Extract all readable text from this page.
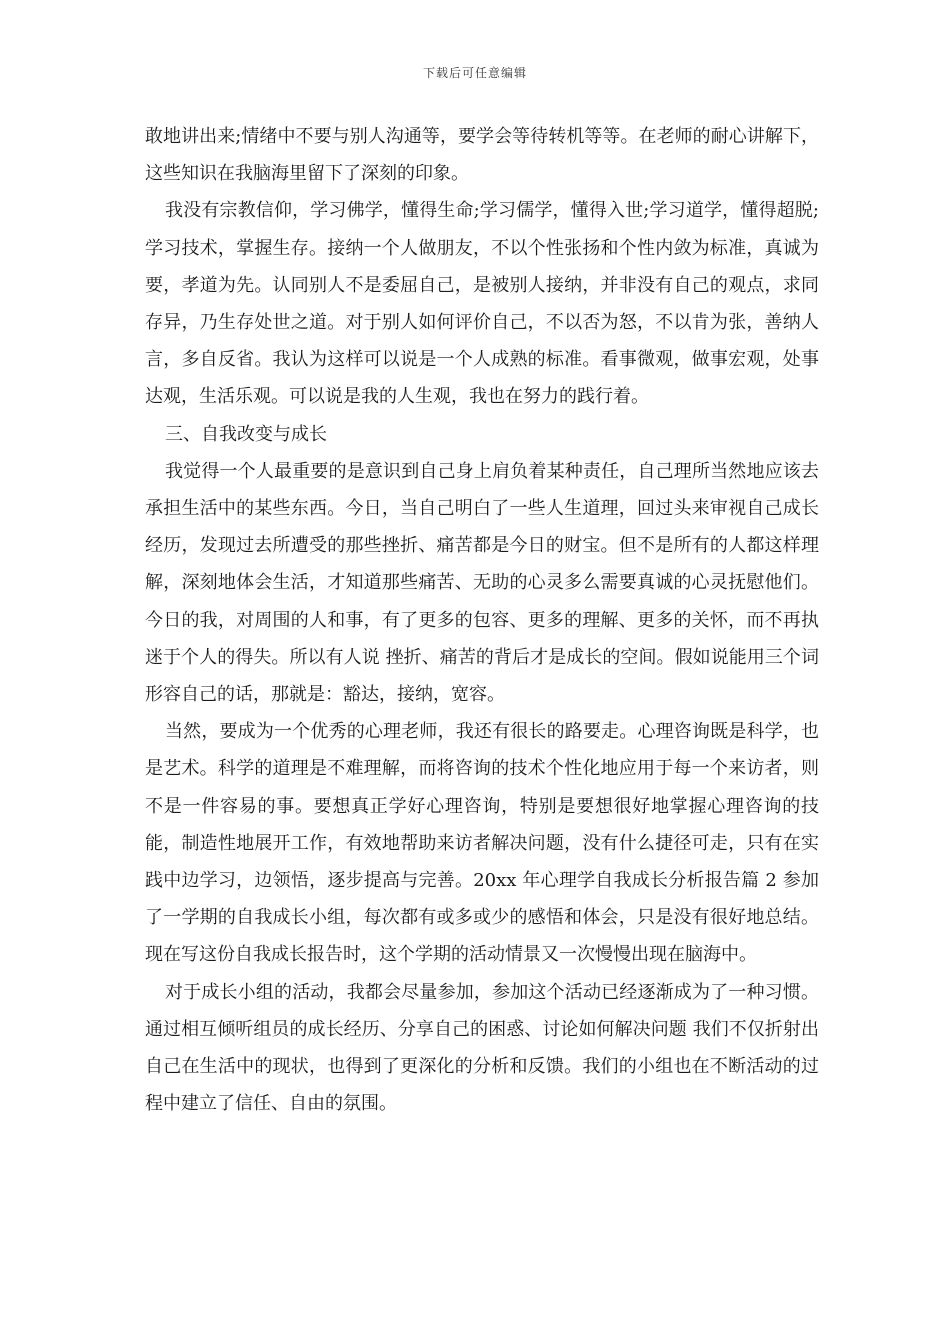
下载后可任意编辑

敢地讲出来;情绪中不要与别人沟通等，要学会等待转机等等。在老师的耐心讲解下，这些知识在我脑海里留下了深刻的印象。

我没有宗教信仰，学习佛学，懂得生命;学习儒学，懂得入世;学习道学，懂得超脱;学习技术，掌握生存。接纳一个人做朋友，不以个性张扬和个性内敛为标准，真诚为要，孝道为先。认同别人不是委屈自己，是被别人接纳，并非没有自己的观点，求同存异，乃生存处世之道。对于别人如何评价自己，不以否为怒，不以肯为张，善纳人言，多自反省。我认为这样可以说是一个人成熟的标准。看事微观，做事宏观，处事达观，生活乐观。可以说是我的人生观，我也在努力的践行着。

三、自我改变与成长

我觉得一个人最重要的是意识到自己身上肩负着某种责任，自己理所当然地应该去承担生活中的某些东西。今日，当自己明白了一些人生道理，回过头来审视自己成长经历，发现过去所遭受的那些挫折、痛苦都是今日的财宝。但不是所有的人都这样理解，深刻地体会生活，才知道那些痛苦、无助的心灵多么需要真诚的心灵抚慰他们。今日的我，对周围的人和事，有了更多的包容、更多的理解、更多的关怀，而不再执迷于个人的得失。所以有人说 挫折、痛苦的背后才是成长的空间。假如说能用三个词形容自己的话，那就是：豁达，接纳，宽容。

当然，要成为一个优秀的心理老师，我还有很长的路要走。心理咨询既是科学，也是艺术。科学的道理是不难理解，而将咨询的技术个性化地应用于每一个来访者，则不是一件容易的事。要想真正学好心理咨询，特别是要想很好地掌握心理咨询的技能，制造性地展开工作，有效地帮助来访者解决问题，没有什么捷径可走，只有在实践中边学习，边领悟，逐步提高与完善。20xx 年心理学自我成长分析报告篇 2 参加了一学期的自我成长小组，每次都有或多或少的感悟和体会，只是没有很好地总结。现在写这份自我成长报告时，这个学期的活动情景又一次慢慢出现在脑海中。

对于成长小组的活动，我都会尽量参加，参加这个活动已经逐渐成为了一种习惯。通过相互倾听组员的成长经历、分享自己的困惑、讨论如何解决问题 我们不仅折射出自己在生活中的现状，也得到了更深化的分析和反馈。我们的小组也在不断活动的过程中建立了信任、自由的氛围。
